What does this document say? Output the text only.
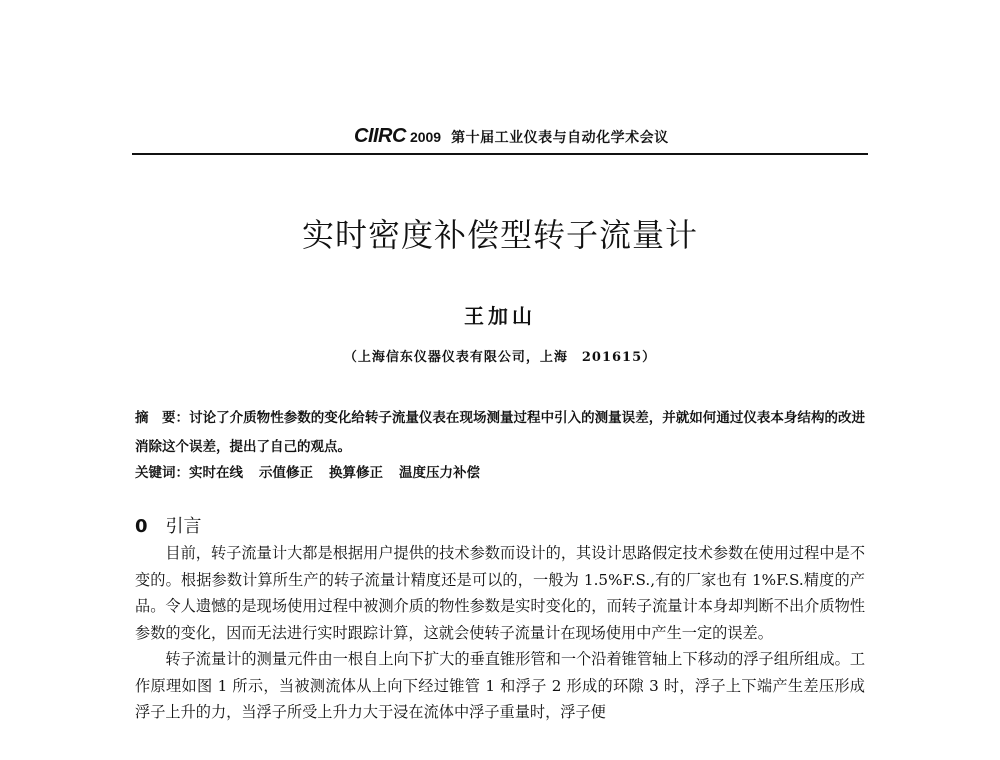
CIIRC 2009 第十届工业仪表与自动化学术会议
实时密度补偿型转子流量计
王加山
（上海信东仪器仪表有限公司，上海　201615）
摘　要：讨论了介质物性参数的变化给转子流量仪表在现场测量过程中引入的测量误差，并就如何通过仪表本身结构的改进消除这个误差，提出了自己的观点。
关键词：实时在线 示值修正 换算修正 温度压力补偿
0 引言

目前，转子流量计大都是根据用户提供的技术参数而设计的，其设计思路假定技术参数在使用过程中是不变的。根据参数计算所生产的转子流量计精度还是可以的，一般为 1.5%F.S.,有的厂家也有 1%F.S.精度的产品。令人遗憾的是现场使用过程中被测介质的物性参数是实时变化的，而转子流量计本身却判断不出介质物性参数的变化，因而无法进行实时跟踪计算，这就会使转子流量计在现场使用中产生一定的误差。

转子流量计的测量元件由一根自上向下扩大的垂直锥形管和一个沿着锥管轴上下移动的浮子组所组成。工作原理如图 1 所示，当被测流体从上向下经过锥管 1 和浮子 2 形成的环隙 3 时，浮子上下端产生差压形成浮子上升的力，当浮子所受上升力大于浸在流体中浮子重量时，浮子便
